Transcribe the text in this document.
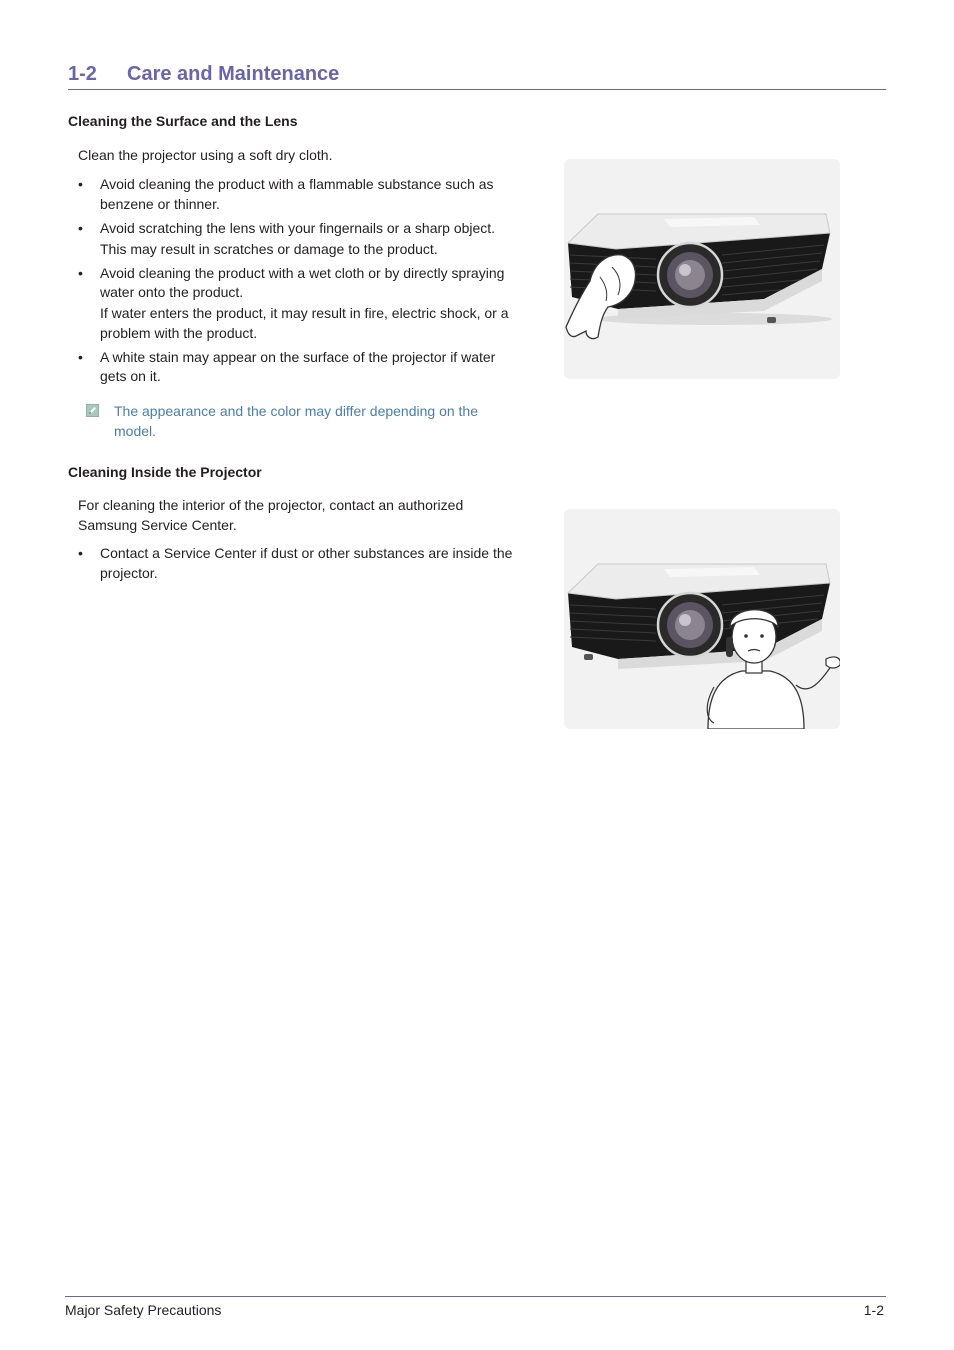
1-2 Care and Maintenance
Cleaning the Surface and the Lens
Clean the projector using a soft dry cloth.
• Avoid cleaning the product with a flammable substance such as benzene or thinner.
• Avoid scratching the lens with your fingernails or a sharp object.
This may result in scratches or damage to the product.
• Avoid cleaning the product with a wet cloth or by directly spraying water onto the product.
If water enters the product, it may result in fire, electric shock, or a problem with the product.
• A white stain may appear on the surface of the projector if water gets on it.
The appearance and the color may differ depending on the model.
Cleaning Inside the Projector
For cleaning the interior of the projector, contact an authorized Samsung Service Center.
• Contact a Service Center if dust or other substances are inside the projector.
Major Safety Precautions	1-2
